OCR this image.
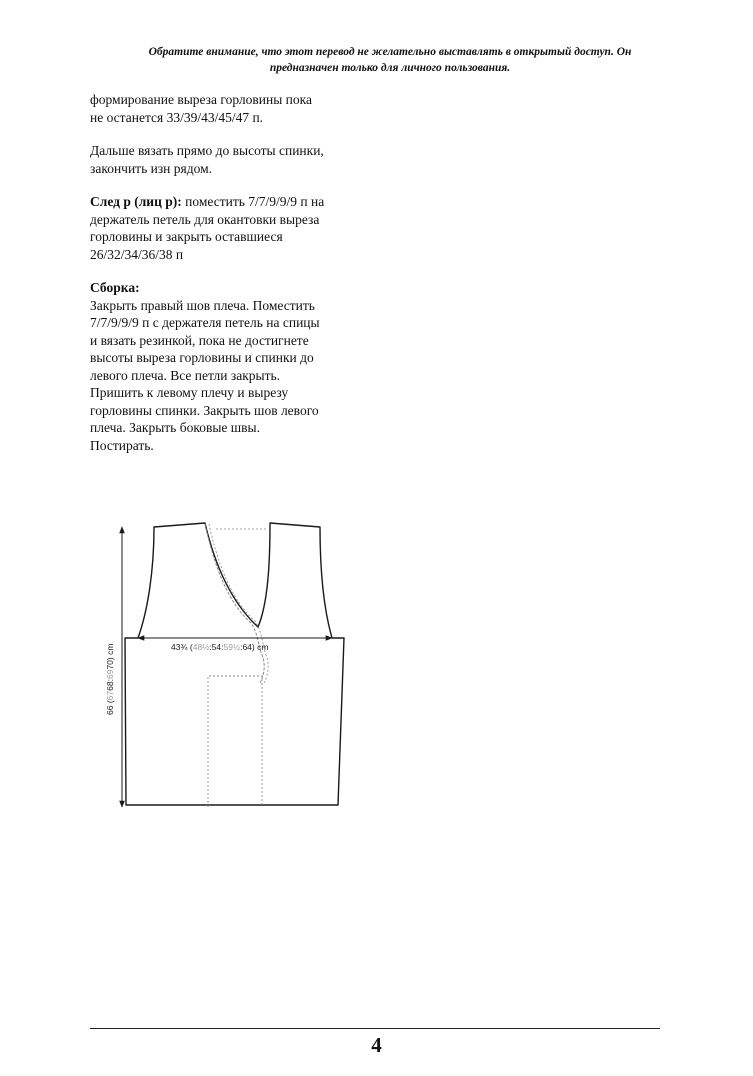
Обратите внимание, что этот перевод не желательно выставлять в открытый доступ. Он
предназначен только для личного пользования.

формирование выреза горловины пока
не останется 33/39/43/45/47 п.

Дальше вязать прямо до высоты спинки,
закончить изн рядом.

След р (лиц р): поместить 7/7/9/9/9 п на
держатель петель для окантовки выреза
горловины и закрыть оставшиеся
26/32/34/36/38 п

Сборка:
Закрыть правый шов плеча. Поместить
7/7/9/9/9 п с держателя петель на спицы
и вязать резинкой, пока не достигнете
высоты выреза горловины и спинки до
левого плеча. Все петли закрыть.
Пришить к левому плечу и вырезу
горловины спинки. Закрыть шов левого
плеча. Закрыть боковые швы.
Постирать.

43¾ (48½:54:59½:64) cm
66 (6768:6970) cm
4
